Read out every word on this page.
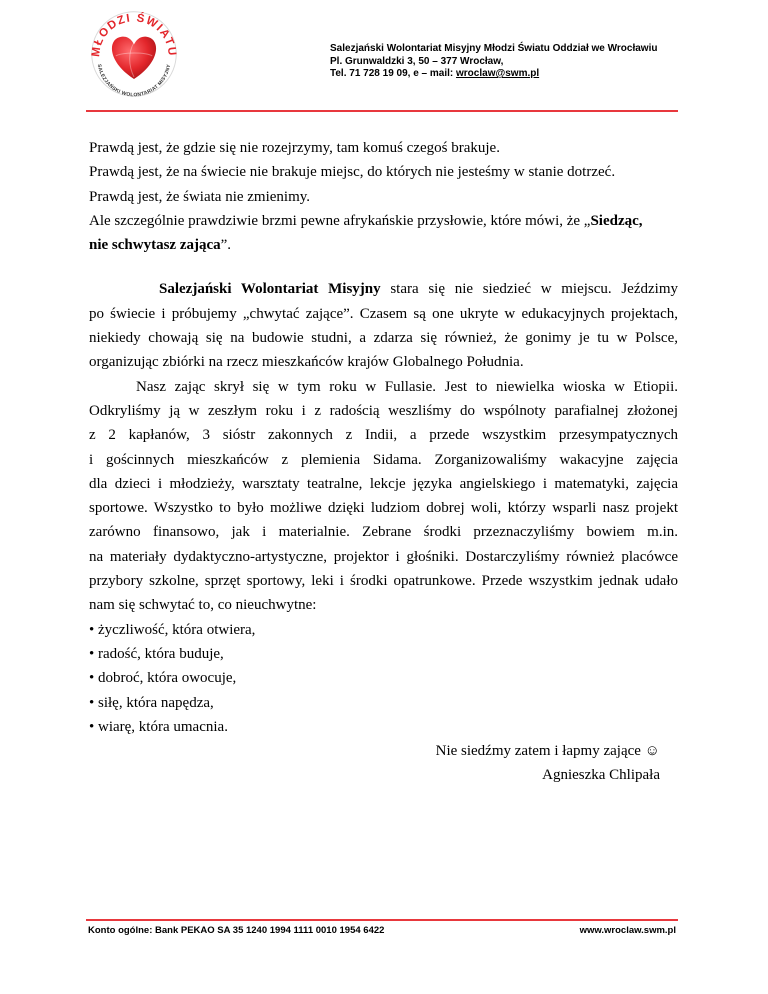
MŁODZI ŚWIATU
SALEZJAŃSKI WOLONTARIAT MISYJNY
Salezjański Wolontariat Misyjny Młodzi Światu Oddział we Wrocławiu
Pl. Grunwaldzki 3, 50 – 377 Wrocław,
Tel. 71 728 19 09, e – mail: wroclaw@swm.pl

Prawdą jest, że gdzie się nie rozejrzymy, tam komuś czegoś brakuje.

Prawdą jest, że na świecie nie brakuje miejsc, do których nie jesteśmy w stanie dotrzeć.

Prawdą jest, że świata nie zmienimy.

Ale szczególnie prawdziwie brzmi pewne afrykańskie przysłowie, które mówi, że „Siedząc,

nie schwytasz zająca”.

Salezjański Wolontariat Misyjny stara się nie siedzieć w miejscu. Jeździmy

po świecie i próbujemy „chwytać zające”. Czasem są one ukryte w edukacyjnych projektach,

niekiedy chowają się na budowie studni, a zdarza się również, że gonimy je tu w Polsce,

organizując zbiórki na rzecz mieszkańców krajów Globalnego Południa.

Nasz zając skrył się w tym roku w Fullasie. Jest to niewielka wioska w Etiopii.

Odkryliśmy ją w zeszłym roku i z radością weszliśmy do wspólnoty parafialnej złożonej

z 2 kapłanów, 3 sióstr zakonnych z Indii, a przede wszystkim przesympatycznych

i gościnnych mieszkańców z plemienia Sidama. Zorganizowaliśmy wakacyjne zajęcia

dla dzieci i młodzieży, warsztaty teatralne, lekcje języka angielskiego i matematyki, zajęcia

sportowe. Wszystko to było możliwe dzięki ludziom dobrej woli, którzy wsparli nasz projekt

zarówno finansowo, jak i materialnie. Zebrane środki przeznaczyliśmy bowiem m.in.

na materiały dydaktyczno-artystyczne, projektor i głośniki. Dostarczyliśmy również placówce

przybory szkolne, sprzęt sportowy, leki i środki opatrunkowe. Przede wszystkim jednak udało

nam się schwytać to, co nieuchwytne:

• życzliwość, która otwiera,

• radość, która buduje,

• dobroć, która owocuje,

• siłę, która napędza,

• wiarę, która umacnia.

Nie siedźmy zatem i łapmy zające ☺

Agnieszka Chlipała

Konto ogólne: Bank PEKAO SA 35 1240 1994 1111 0010 1954 6422	www.wroclaw.swm.pl
